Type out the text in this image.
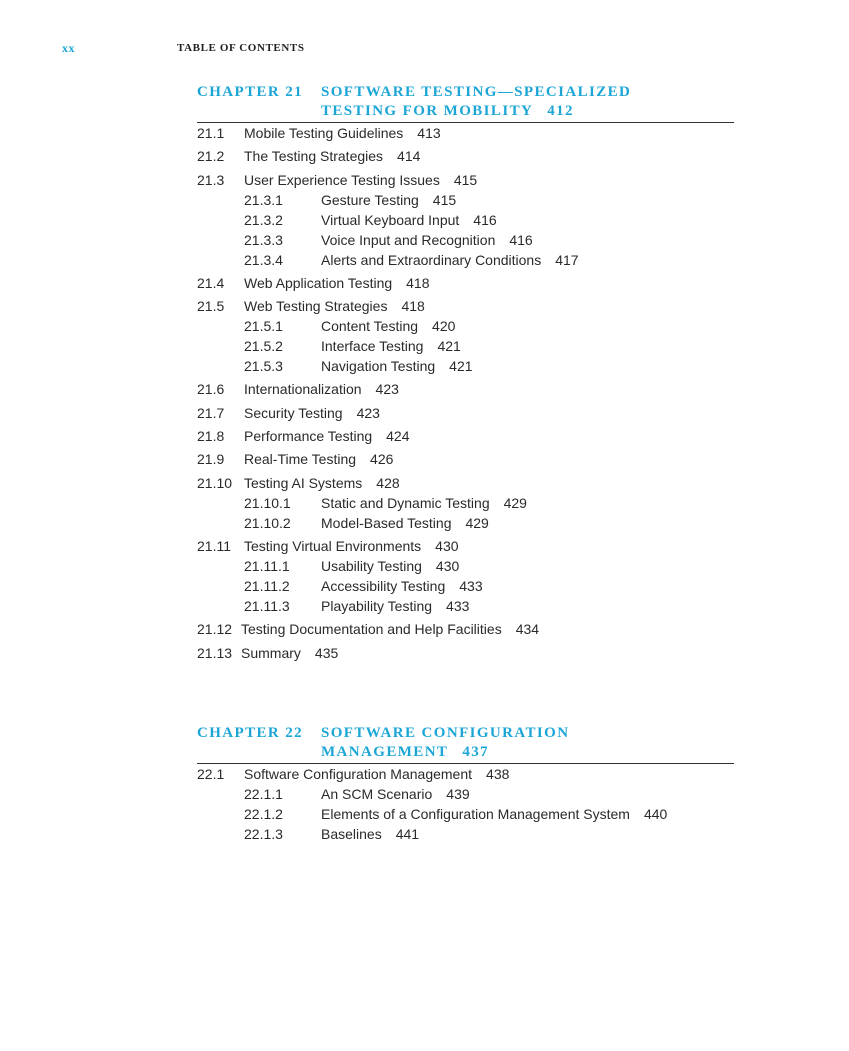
xx	TABLE OF CONTENTS
CHAPTER 21 SOFTWARE TESTING—SPECIALIZED
TESTING FOR MOBILITY 412
21.1 Mobile Testing Guidelines 413
21.2 The Testing Strategies 414
21.3 User Experience Testing Issues 415
21.3.1	Gesture Testing 415
21.3.2	Virtual Keyboard Input 416
21.3.3	Voice Input and Recognition 416
21.3.4	Alerts and Extraordinary Conditions 417
21.4 Web Application Testing 418
21.5 Web Testing Strategies 418
21.5.1	Content Testing 420
21.5.2	Interface Testing 421
21.5.3	Navigation Testing 421
21.6 Internationalization 423
21.7 Security Testing 423
21.8 Performance Testing 424
21.9 Real-Time Testing 426
21.10 Testing AI Systems 428
21.10.1 Static and Dynamic Testing 429
21.10.2 Model-Based Testing 429
21.11 Testing Virtual Environments 430
21.11.1 Usability Testing 430
21.11.2 Accessibility Testing 433
21.11.3 Playability Testing 433
21.12 Testing Documentation and Help Facilities 434
21.13 Summary 435
CHAPTER 22 SOFTWARE CONFIGURATION
MANAGEMENT 437
22.1 Software Configuration Management 438
22.1.1	An SCM Scenario 439
22.1.2	Elements of a Configuration Management System 440
22.1.3	Baselines 441
